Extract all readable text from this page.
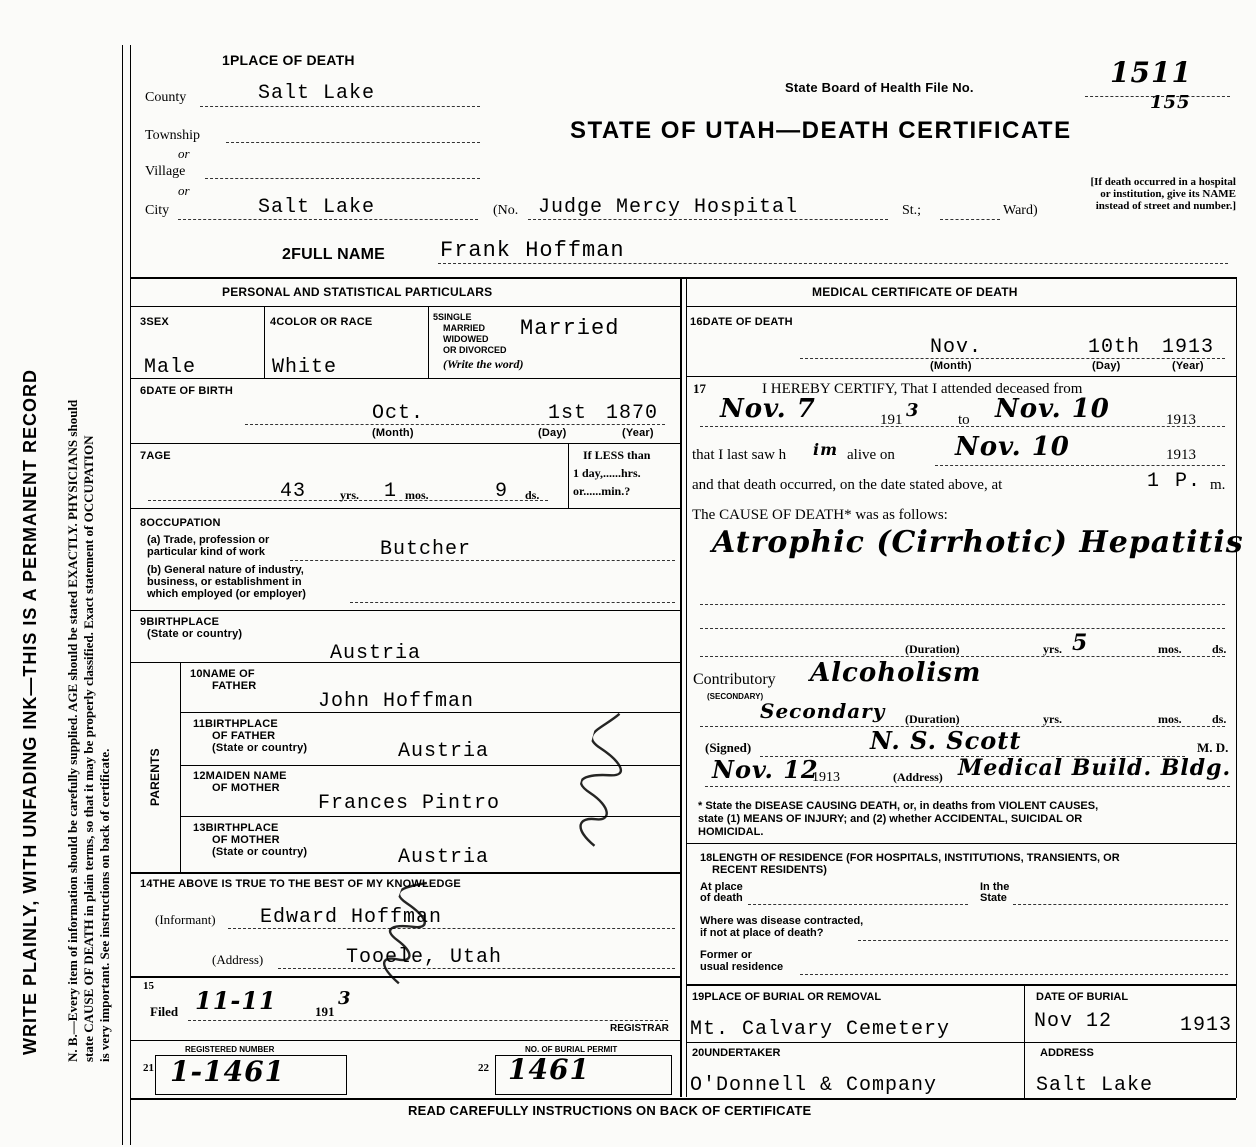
WRITE PLAINLY, WITH UNFADING INK—THIS IS A PERMANENT RECORD N. B.—Every item of information should be carefully supplied. AGE should be stated EXACTLY. PHYSICIANS should state CAUSE OF DEATH in plain terms, so that it may be properly classified. Exact statement of OCCUPATION is very important. See instructions on back of certificate.
1PLACE OF DEATH
County	Salt Lake
Township
or
Village
or
City	Salt Lake	(No. Judge Mercy Hospital	St.;	Ward)
[If death occurred in a hospital or institution, give its NAME instead of street and number.]
State Board of Health File No.	1511
155
STATE OF UTAH—DEATH CERTIFICATE
2FULL NAME Frank Hoffman
PERSONAL AND STATISTICAL PARTICULARS	MEDICAL CERTIFICATE OF DEATH
3SEX
Male
4COLOR OR RACE
White
5SINGLE
MARRIED
WIDOWED
OR DIVORCED
(Write the word)
Married
6DATE OF BIRTH
Oct.	1st 1870
(Month)	(Day)	(Year)
7AGE
43	yrs. 1 mos.	9 ds.
If LESS than
1 day,......hrs.
or......min.?
8OCCUPATION
(a) Trade, profession or
particular kind of work	Butcher
(b) General nature of industry,
business, or establishment in
which employed (or employer)
9BIRTHPLACE
(State or country)
Austria
PARENTS
10NAME OF
FATHER
John Hoffman
11BIRTHPLACE
OF FATHER
(State or country)	Austria
12MAIDEN NAME
OF MOTHER
Frances Pintro
13BIRTHPLACE
OF MOTHER
(State or country)	Austria
14THE ABOVE IS TRUE TO THE BEST OF MY KNOWLEDGE
(Informant) Edward Hoffman
(Address)	Tooele, Utah
15
Filed 11-11	191
3
REGISTRAR
21
REGISTERED NUMBER
1-1461	22
NO. OF BURIAL PERMIT
1461
16DATE OF DEATH
Nov.	10th 1913
(Month)	(Day)	(Year)
17	I HEREBY CERTIFY, That I attended deceased from
Nov. 7	191 3	to Nov. 10	1913
that I last saw h im alive on Nov. 10	1913
and that death occurred, on the date stated above, at	1 P. m.
The CAUSE OF DEATH* was as follows:
Atrophic (Cirrhotic) Hepatitis
(Duration)	5
yrs.	mos.	ds.
Contributory Alcoholism
(SECONDARY)
Secondary (Duration)	yrs.	mos.	ds.
(Signed)	N. S. Scott	M. D.
Nov. 12
1913	(Address) Medical Build. Bldg.
* State the DISEASE CAUSING DEATH, or, in deaths from VIOLENT CAUSES,
state (1) MEANS OF INJURY; and (2) whether ACCIDENTAL, SUICIDAL OR
HOMICIDAL.
18LENGTH OF RESIDENCE (FOR HOSPITALS, INSTITUTIONS, TRANSIENTS, OR
RECENT RESIDENTS)
At place
of death
In the
State
Where was disease contracted,
if not at place of death?
Former or
usual residence
19PLACE OF BURIAL OR REMOVAL
Mt. Calvary Cemetery
DATE OF BURIAL
Nov 12	1913
20UNDERTAKER
O'Donnell & Company
ADDRESS
Salt Lake
READ CAREFULLY INSTRUCTIONS ON BACK OF CERTIFICATE
